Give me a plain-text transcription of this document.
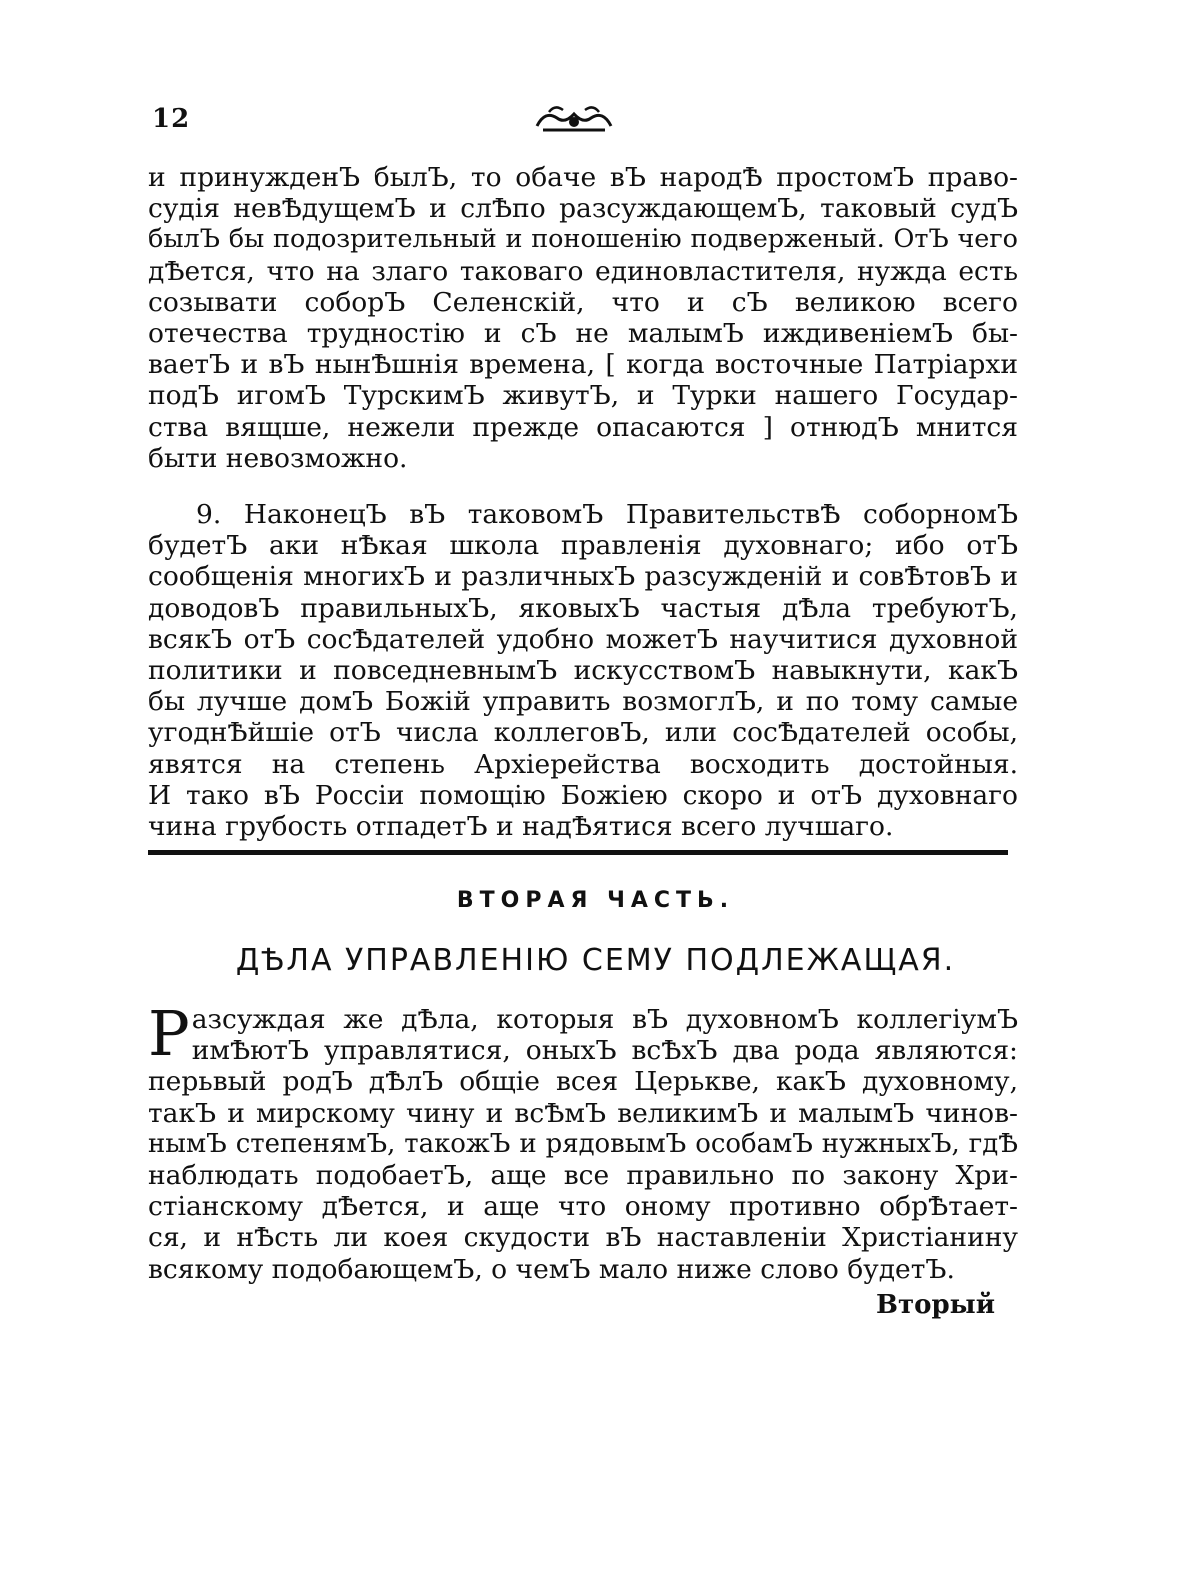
12
и принужденЪ былЪ, то обаче вЪ народѢ простомЪ право-
судія невѢдущемЪ и слѢпо разсуждающемЪ, таковый судЪ
былЪ бы подозрительный и поношенію подверженый. ОтЪ чего
дѢется, что на злаго таковаго единовластителя, нужда есть
созывати соборЪ Селенскій, что и сЪ великою всего
отечества трудностію и сЪ не малымЪ иждивеніемЪ бы-
ваетЪ и вЪ нынѢшнія времена, [ когда восточные Патріархи
подЪ игомЪ ТурскимЪ живутЪ, и Турки нашего Государ-
ства вящше, нежели прежде опасаются ] отнюдЪ мнится
быти невозможно.
9. НаконецЪ вЪ таковомЪ ПравительствѢ соборномЪ
будетЪ аки нѢкая школа правленія духовнаго; ибо отЪ
сообщенія многихЪ и различныхЪ разсужденій и совѢтовЪ и
доводовЪ правильныхЪ, яковыхЪ частыя дѢла требуютЪ,
всякЪ отЪ сосѢдателей удобно можетЪ научитися духовной
политики и повседневнымЪ искусствомЪ навыкнути, какЪ
бы лучше домЪ Божій управить возмоглЪ, и по тому самые
угоднѢйшіе отЪ числа коллеговЪ, или сосѢдателей особы,
явятся на степень Архіерейства восходить достойныя.
И тако вЪ Россіи помощію Божіею скоро и отЪ духовнаго
чина грубость отпадетЪ и надѢятися всего лучшаго.
ВТОРАЯ ЧАСТЬ.
ДѢЛА УПРАВЛЕНІЮ СЕМУ ПОДЛЕЖАЩАЯ.
Р азсуждая же дѢла, которыя вЪ духовномЪ коллегіумЪ
имѢютЪ управлятися, оныхЪ всѢхЪ два рода являются:
перьвый родЪ дѢлЪ общіе всея Церькве, какЪ духовному,
такЪ и мирскому чину и всѢмЪ великимЪ и малымЪ чинов-
нымЪ степенямЪ, такожЪ и рядовымЪ особамЪ нужныхЪ, гдѢ
наблюдать подобаетЪ, аще все правильно по закону Хри-
стіанскому дѢется, и аще что оному противно обрѢтает-
ся, и нѢсть ли коея скудости вЪ наставленіи Христіанину
всякому подобающемЪ, о чемЪ мало ниже слово будетЪ.
Вторый
